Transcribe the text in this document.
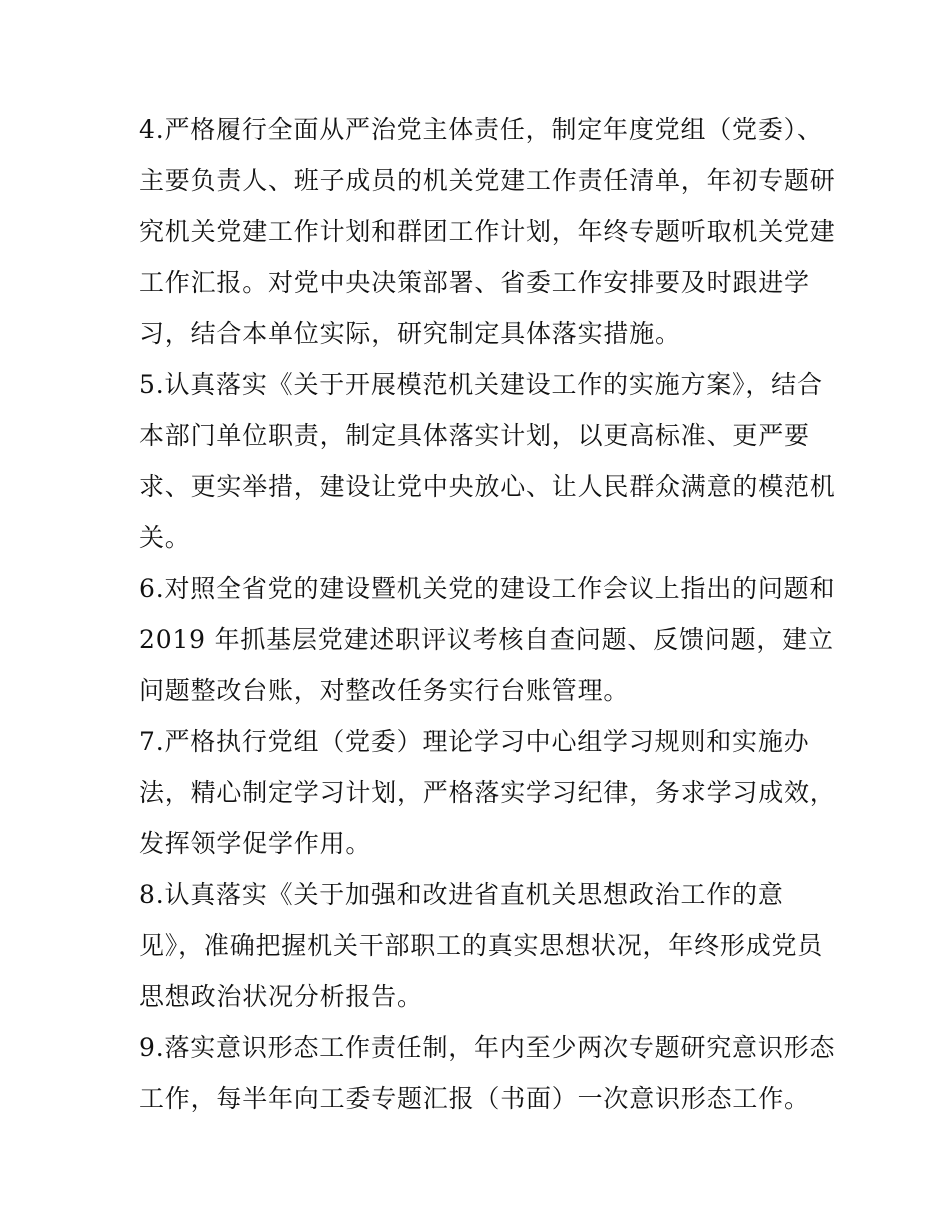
4.严格履行全面从严治党主体责任，制定年度党组（党委）、
主要负责人、班子成员的机关党建工作责任清单，年初专题研
究机关党建工作计划和群团工作计划，年终专题听取机关党建
工作汇报。对党中央决策部署、省委工作安排要及时跟进学
习，结合本单位实际，研究制定具体落实措施。
5.认真落实《关于开展模范机关建设工作的实施方案》，结合
本部门单位职责，制定具体落实计划，以更高标准、更严要
求、更实举措，建设让党中央放心、让人民群众满意的模范机
关。
6.对照全省党的建设暨机关党的建设工作会议上指出的问题和
2019 年抓基层党建述职评议考核自查问题、反馈问题，建立
问题整改台账，对整改任务实行台账管理。
7.严格执行党组（党委）理论学习中心组学习规则和实施办
法，精心制定学习计划，严格落实学习纪律，务求学习成效，
发挥领学促学作用。
8.认真落实《关于加强和改进省直机关思想政治工作的意
见》，准确把握机关干部职工的真实思想状况，年终形成党员
思想政治状况分析报告。
9.落实意识形态工作责任制，年内至少两次专题研究意识形态
工作，每半年向工委专题汇报（书面）一次意识形态工作。
